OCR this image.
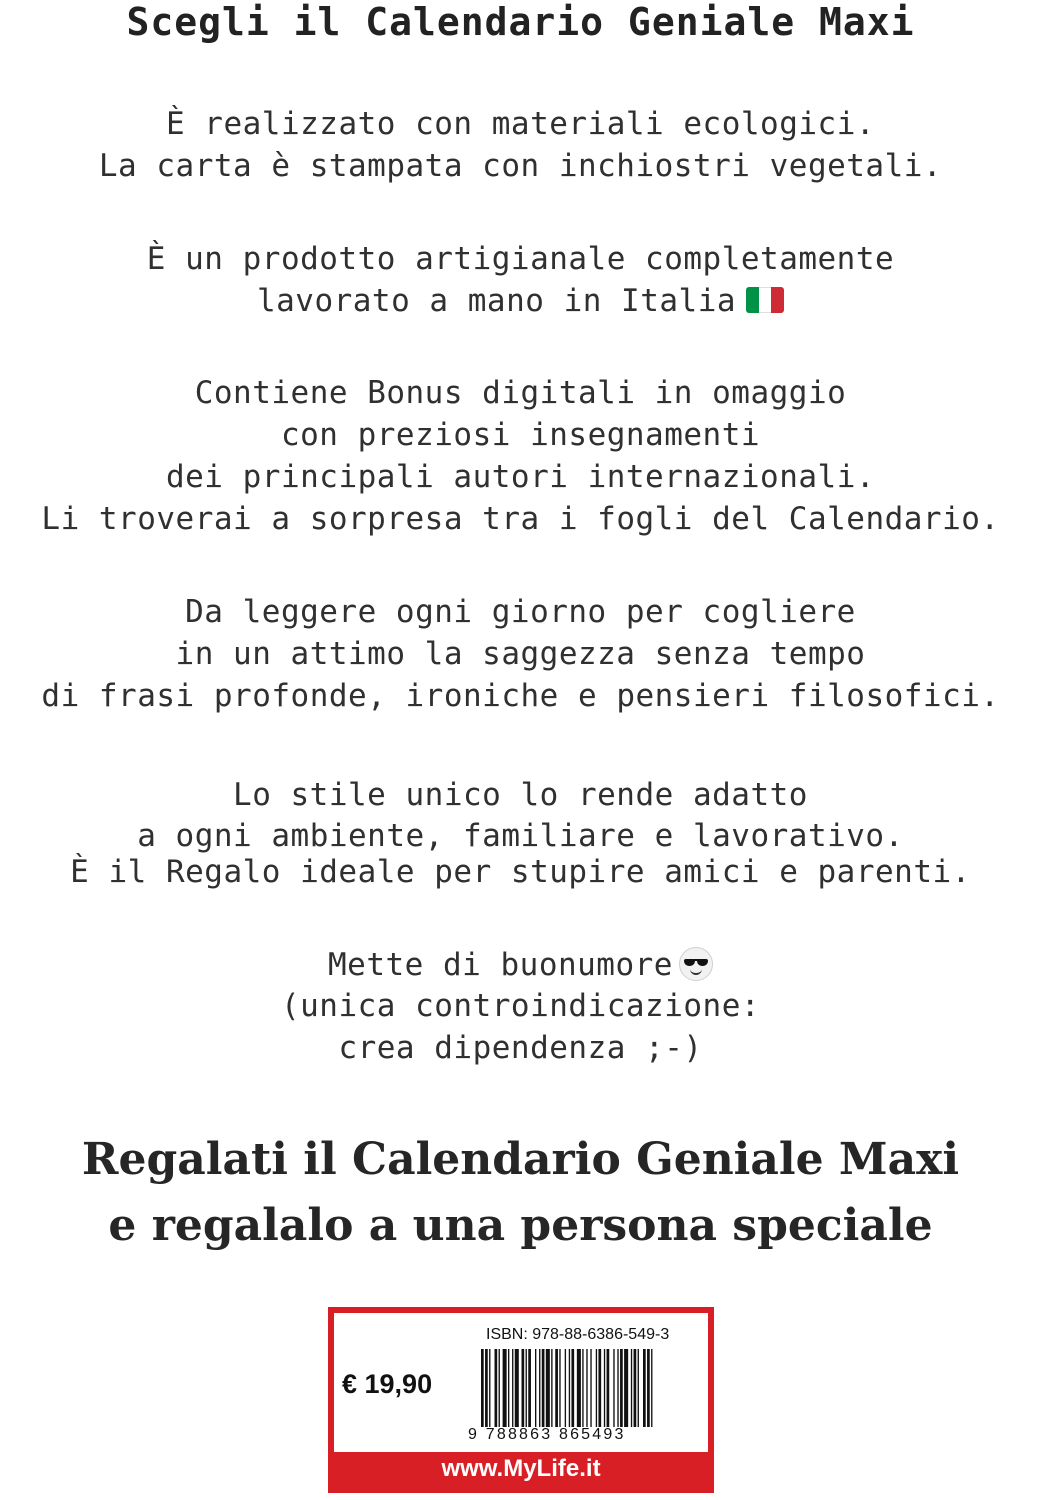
Scegli il Calendario Geniale Maxi
È realizzato con materiali ecologici.
La carta è stampata con inchiostri vegetali.
È un prodotto artigianale completamente
lavorato a mano in Italia
Contiene Bonus digitali in omaggio
con preziosi insegnamenti
dei principali autori internazionali.
Li troverai a sorpresa tra i fogli del Calendario.
Da leggere ogni giorno per cogliere
in un attimo la saggezza senza tempo
di frasi profonde, ironiche e pensieri filosofici.
Lo stile unico lo rende adatto
a ogni ambiente, familiare e lavorativo.
È il Regalo ideale per stupire amici e parenti.
Mette di buonumore
(unica controindicazione:
crea dipendenza ;-)
Regalati il Calendario Geniale Maxi
e regalalo a una persona speciale
ISBN: 978-88-6386-549-3
€ 19,90
9 788863 865493
www.MyLife.it
